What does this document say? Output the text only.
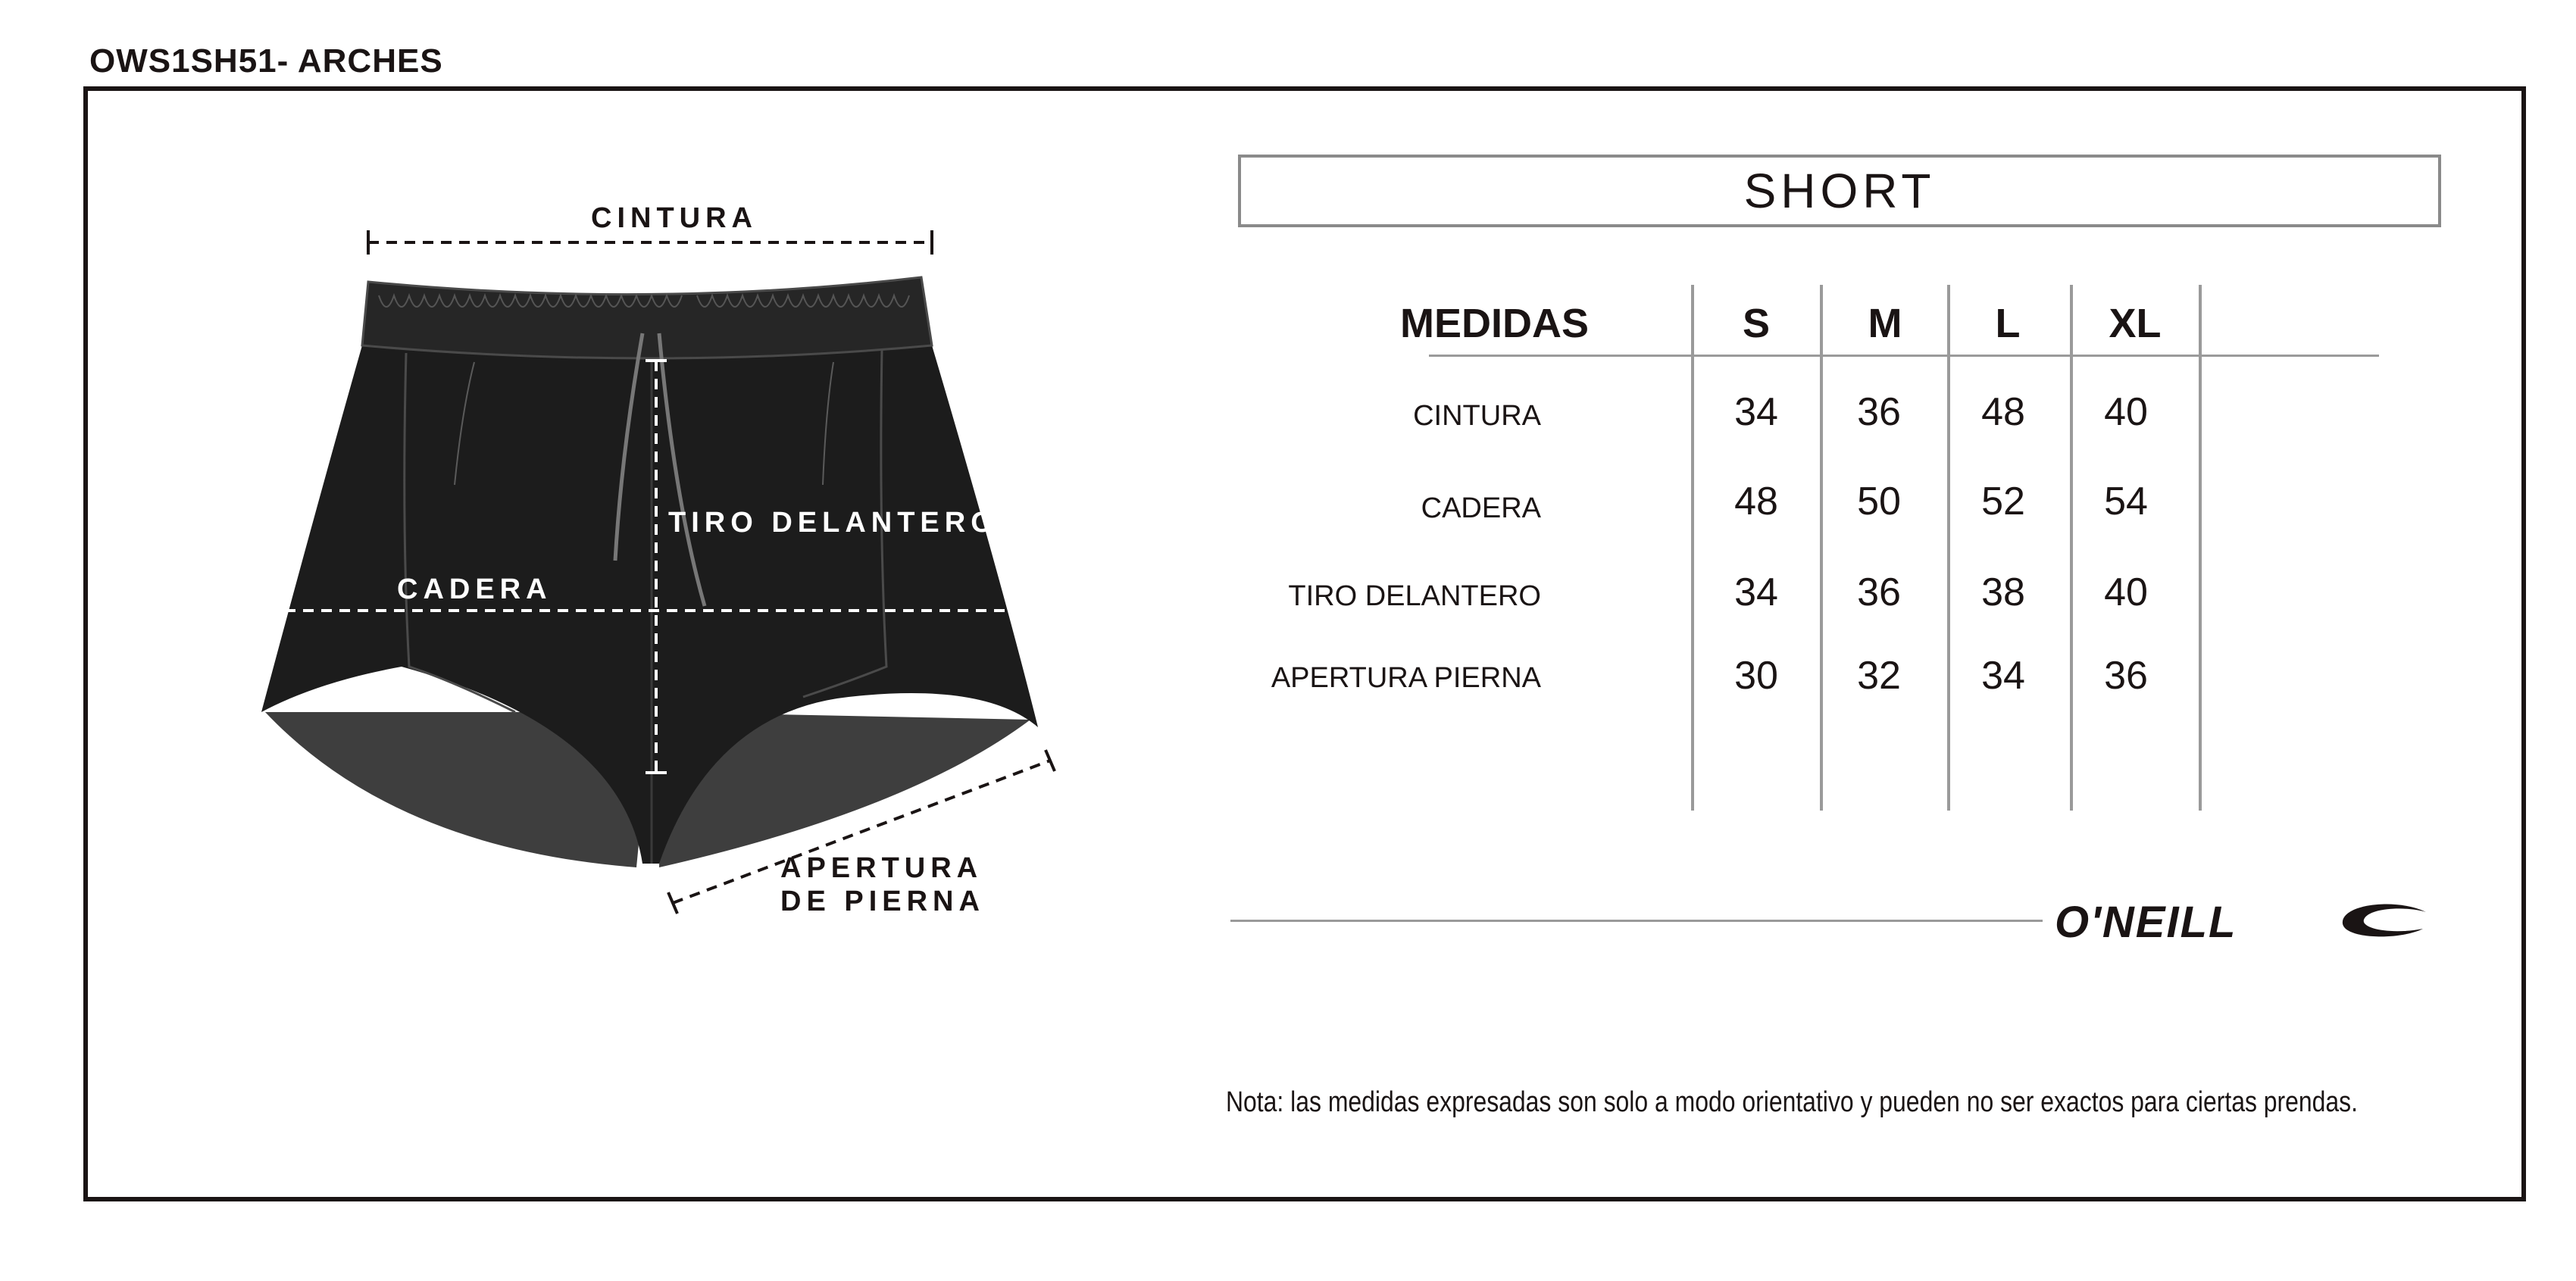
OWS1SH51- ARCHES
CINTURA
TIRO DELANTERO
CADERA
APERTURA
DE PIERNA
SHORT
MEDIDAS	S	M	L	XL
CINTURA	34	36	48	40
CADERA	48	50	52	54
TIRO DELANTERO	34	36	38	40
APERTURA PIERNA	30	32	34	36
O'NEILL
Nota: las medidas expresadas son solo a modo orientativo y pueden no ser exactos para ciertas prendas.
